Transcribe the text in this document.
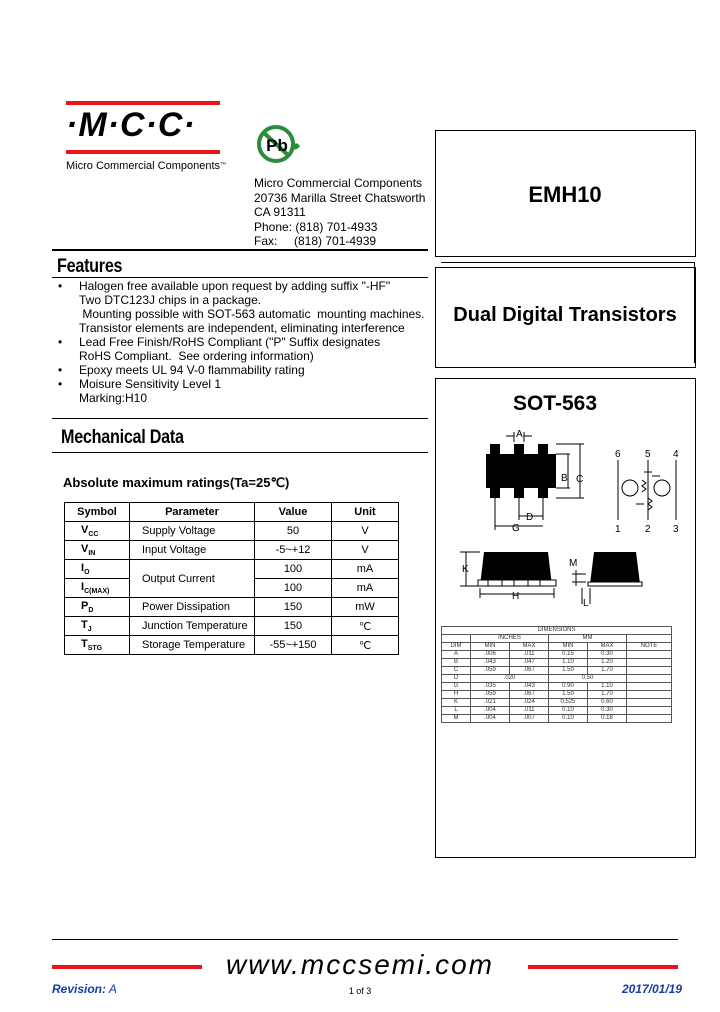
·M·C·C·
Micro Commercial Components™
Pb
Micro Commercial Components
20736 Marilla Street Chatsworth
CA 91311
Phone: (818) 701-4933
Fax:     (818) 701-4939
EMH10
Dual Digital Transistors
SOT-563
Features
• Halogen free available upon request by adding suffix "-HF"
Two DTC123J chips in a package.
Mounting possible with SOT-563 automatic  mounting machines.
Transistor elements are independent, eliminating interference
• Lead Free Finish/RoHS Compliant ("P" Suffix designates
RoHS Compliant.  See ordering information)
• Epoxy meets UL 94 V-0 flammability rating
• Moisure Sensitivity Level 1
Marking:H10
Mechanical Data
Absolute maximum ratings(Ta=25℃)
Symbol	Parameter	Value	Unit
$V_{CC}$	Supply Voltage	50	V
$V_{IN}$	Input Voltage	-5~+12	V
$I_O$	Output Current	100	mA
$I_{C(MAX)}$		100	mA
$P_D$	Power Dissipation	150	mW
$T_J$	Junction Temperature	150	℃
$T_{STG}$	Storage Temperature	-55~+150	℃
A
C
B
D
G
6 5 4
1 2 3
K
H
M
L
DIMENSIONS					
	INCHES		MM		
DIM	MIN	MAX	MIN	MAX	NOTE
A	.006	.011	0.15	0.30	
B	.043	.047	1.10	1.20	
C	.059	.067	1.50	1.70	
D	.020		0.50		
G	.035	.043	0.90	1.10	
H	.059	.067	1.50	1.70	
K	.021	.024	0.525	0.60	
L	.004	.011	0.10	0.30	
M	.004	.007	0.10	0.18	
www.mccsemi.com
Revision: A	1 of 3	2017/01/19
